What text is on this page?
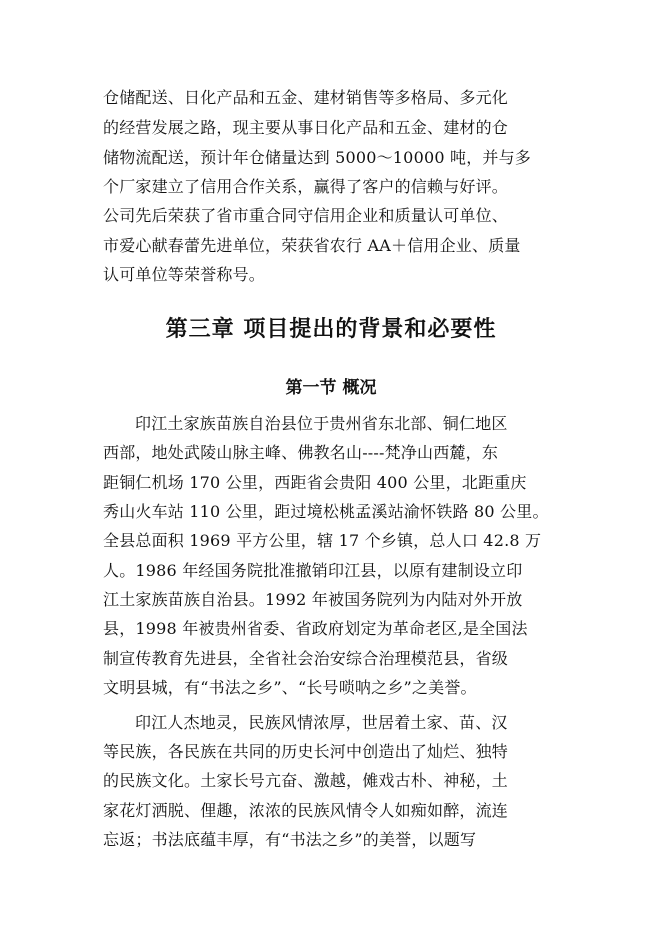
仓储配送、日化产品和五金、建材销售等多格局、多元化
的经营发展之路，现主要从事日化产品和五金、建材的仓
储物流配送，预计年仓储量达到 5000～10000 吨，并与多
个厂家建立了信用合作关系，赢得了客户的信赖与好评。
公司先后荣获了省市重合同守信用企业和质量认可单位、
市爱心献春蕾先进单位，荣获省农行 AA＋信用企业、质量
认可单位等荣誉称号。
第三章 项目提出的背景和必要性
第一节 概况
印江土家族苗族自治县位于贵州省东北部、铜仁地区
西部，地处武陵山脉主峰、佛教名山----梵净山西麓，东
距铜仁机场 170 公里，西距省会贵阳 400 公里，北距重庆
秀山火车站 110 公里，距过境松桃孟溪站渝怀铁路 80 公里。
全县总面积 1969 平方公里，辖 17 个乡镇，总人口 42.8 万
人。1986 年经国务院批准撤销印江县，以原有建制设立印
江土家族苗族自治县。1992 年被国务院列为内陆对外开放
县，1998 年被贵州省委、省政府划定为革命老区,是全国法
制宣传教育先进县，全省社会治安综合治理模范县，省级
文明县城，有“书法之乡”、“长号唢呐之乡”之美誉。
印江人杰地灵，民族风情浓厚，世居着土家、苗、汉
等民族，各民族在共同的历史长河中创造出了灿烂、独特
的民族文化。土家长号亢奋、激越，傩戏古朴、神秘，土
家花灯洒脱、俚趣，浓浓的民族风情令人如痴如醉，流连
忘返；书法底蕴丰厚，有“书法之乡”的美誉，以题写
